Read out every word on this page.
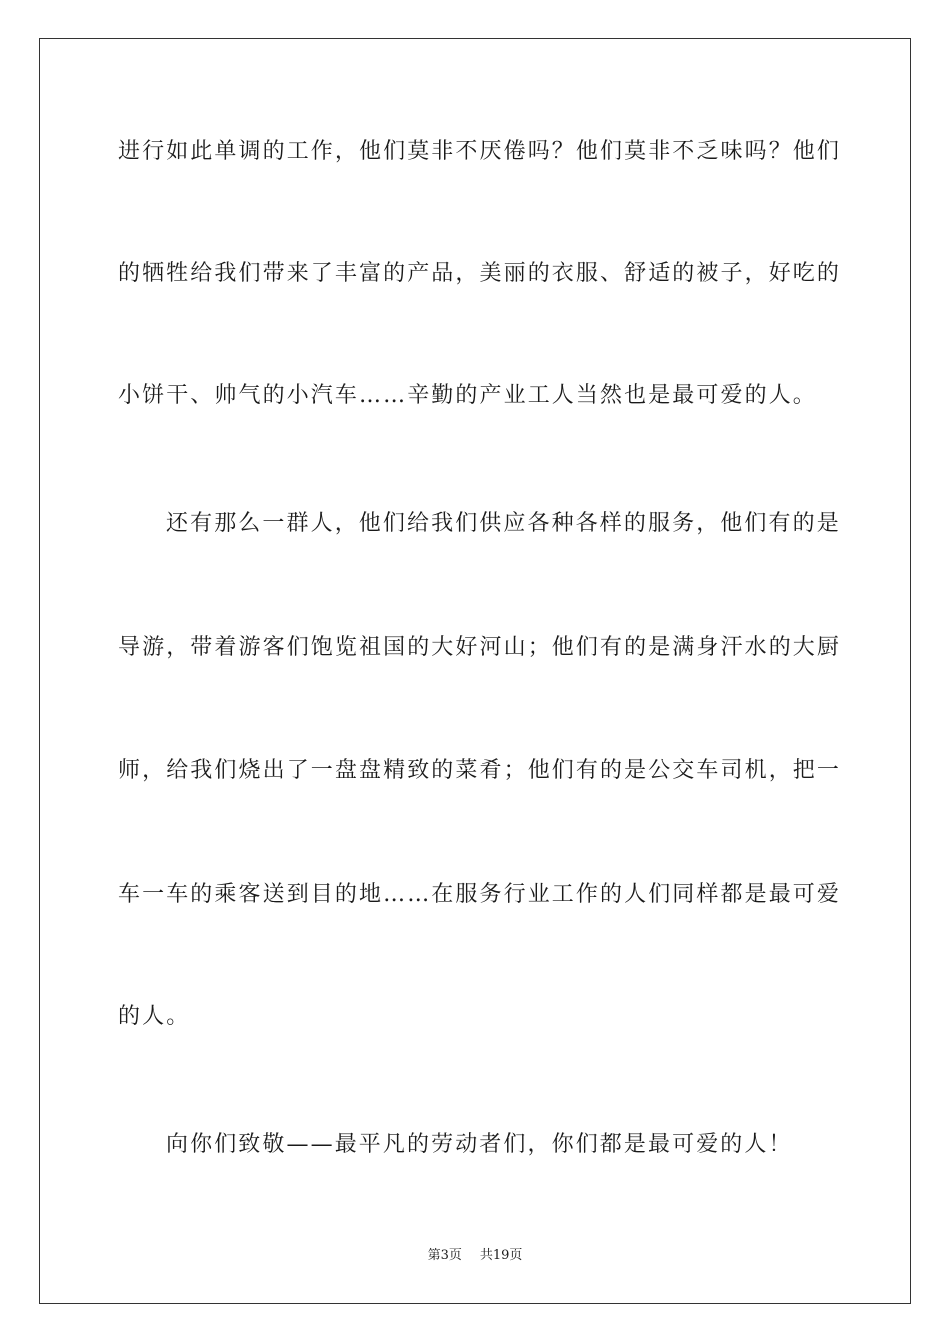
进行如此单调的工作，他们莫非不厌倦吗？他们莫非不乏味吗？他们
的牺牲给我们带来了丰富的产品，美丽的衣服、舒适的被子，好吃的
小饼干、帅气的小汽车……辛勤的产业工人当然也是最可爱的人。
还有那么一群人，他们给我们供应各种各样的服务，他们有的是
导游，带着游客们饱览祖国的大好河山；他们有的是满身汗水的大厨
师，给我们烧出了一盘盘精致的菜肴；他们有的是公交车司机，把一
车一车的乘客送到目的地……在服务行业工作的人们同样都是最可爱
的人。
向你们致敬——最平凡的劳动者们，你们都是最可爱的人！
第3页 共19页
